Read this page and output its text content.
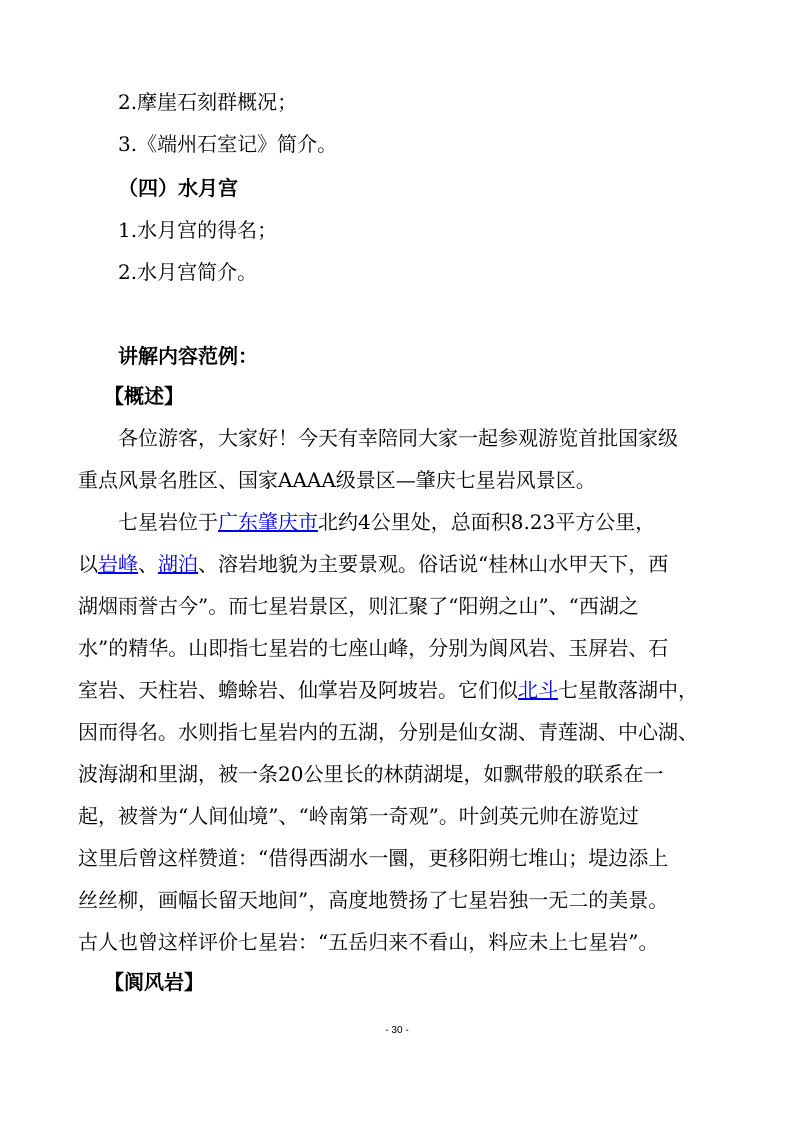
2.摩崖石刻群概况；
3.《端州石室记》简介。
（四）水月宫
1.水月宫的得名；
2.水月宫简介。
讲解内容范例：
【概述】
各位游客，大家好！今天有幸陪同大家一起参观游览首批国家级
重点风景名胜区、国家AAAA级景区—肇庆七星岩风景区。
七星岩位于广东肇庆市北约4公里处，总面积8.23平方公里，
以岩峰、湖泊、溶岩地貌为主要景观。俗话说“桂林山水甲天下，西
湖烟雨誉古今”。而七星岩景区，则汇聚了“阳朔之山”、“西湖之
水”的精华。山即指七星岩的七座山峰，分别为阆风岩、玉屏岩、石
室岩、天柱岩、蟾蜍岩、仙掌岩及阿坡岩。它们似北斗七星散落湖中，
因而得名。水则指七星岩内的五湖，分别是仙女湖、青莲湖、中心湖、
波海湖和里湖，被一条20公里长的林荫湖堤，如飘带般的联系在一
起，被誉为“人间仙境”、“岭南第一奇观”。叶剑英元帅在游览过
这里后曾这样赞道：“借得西湖水一圜，更移阳朔七堆山；堤边添上
丝丝柳，画幅长留天地间”，高度地赞扬了七星岩独一无二的美景。
古人也曾这样评价七星岩：“五岳归来不看山，料应未上七星岩”。
【阆风岩】
- 30 -
